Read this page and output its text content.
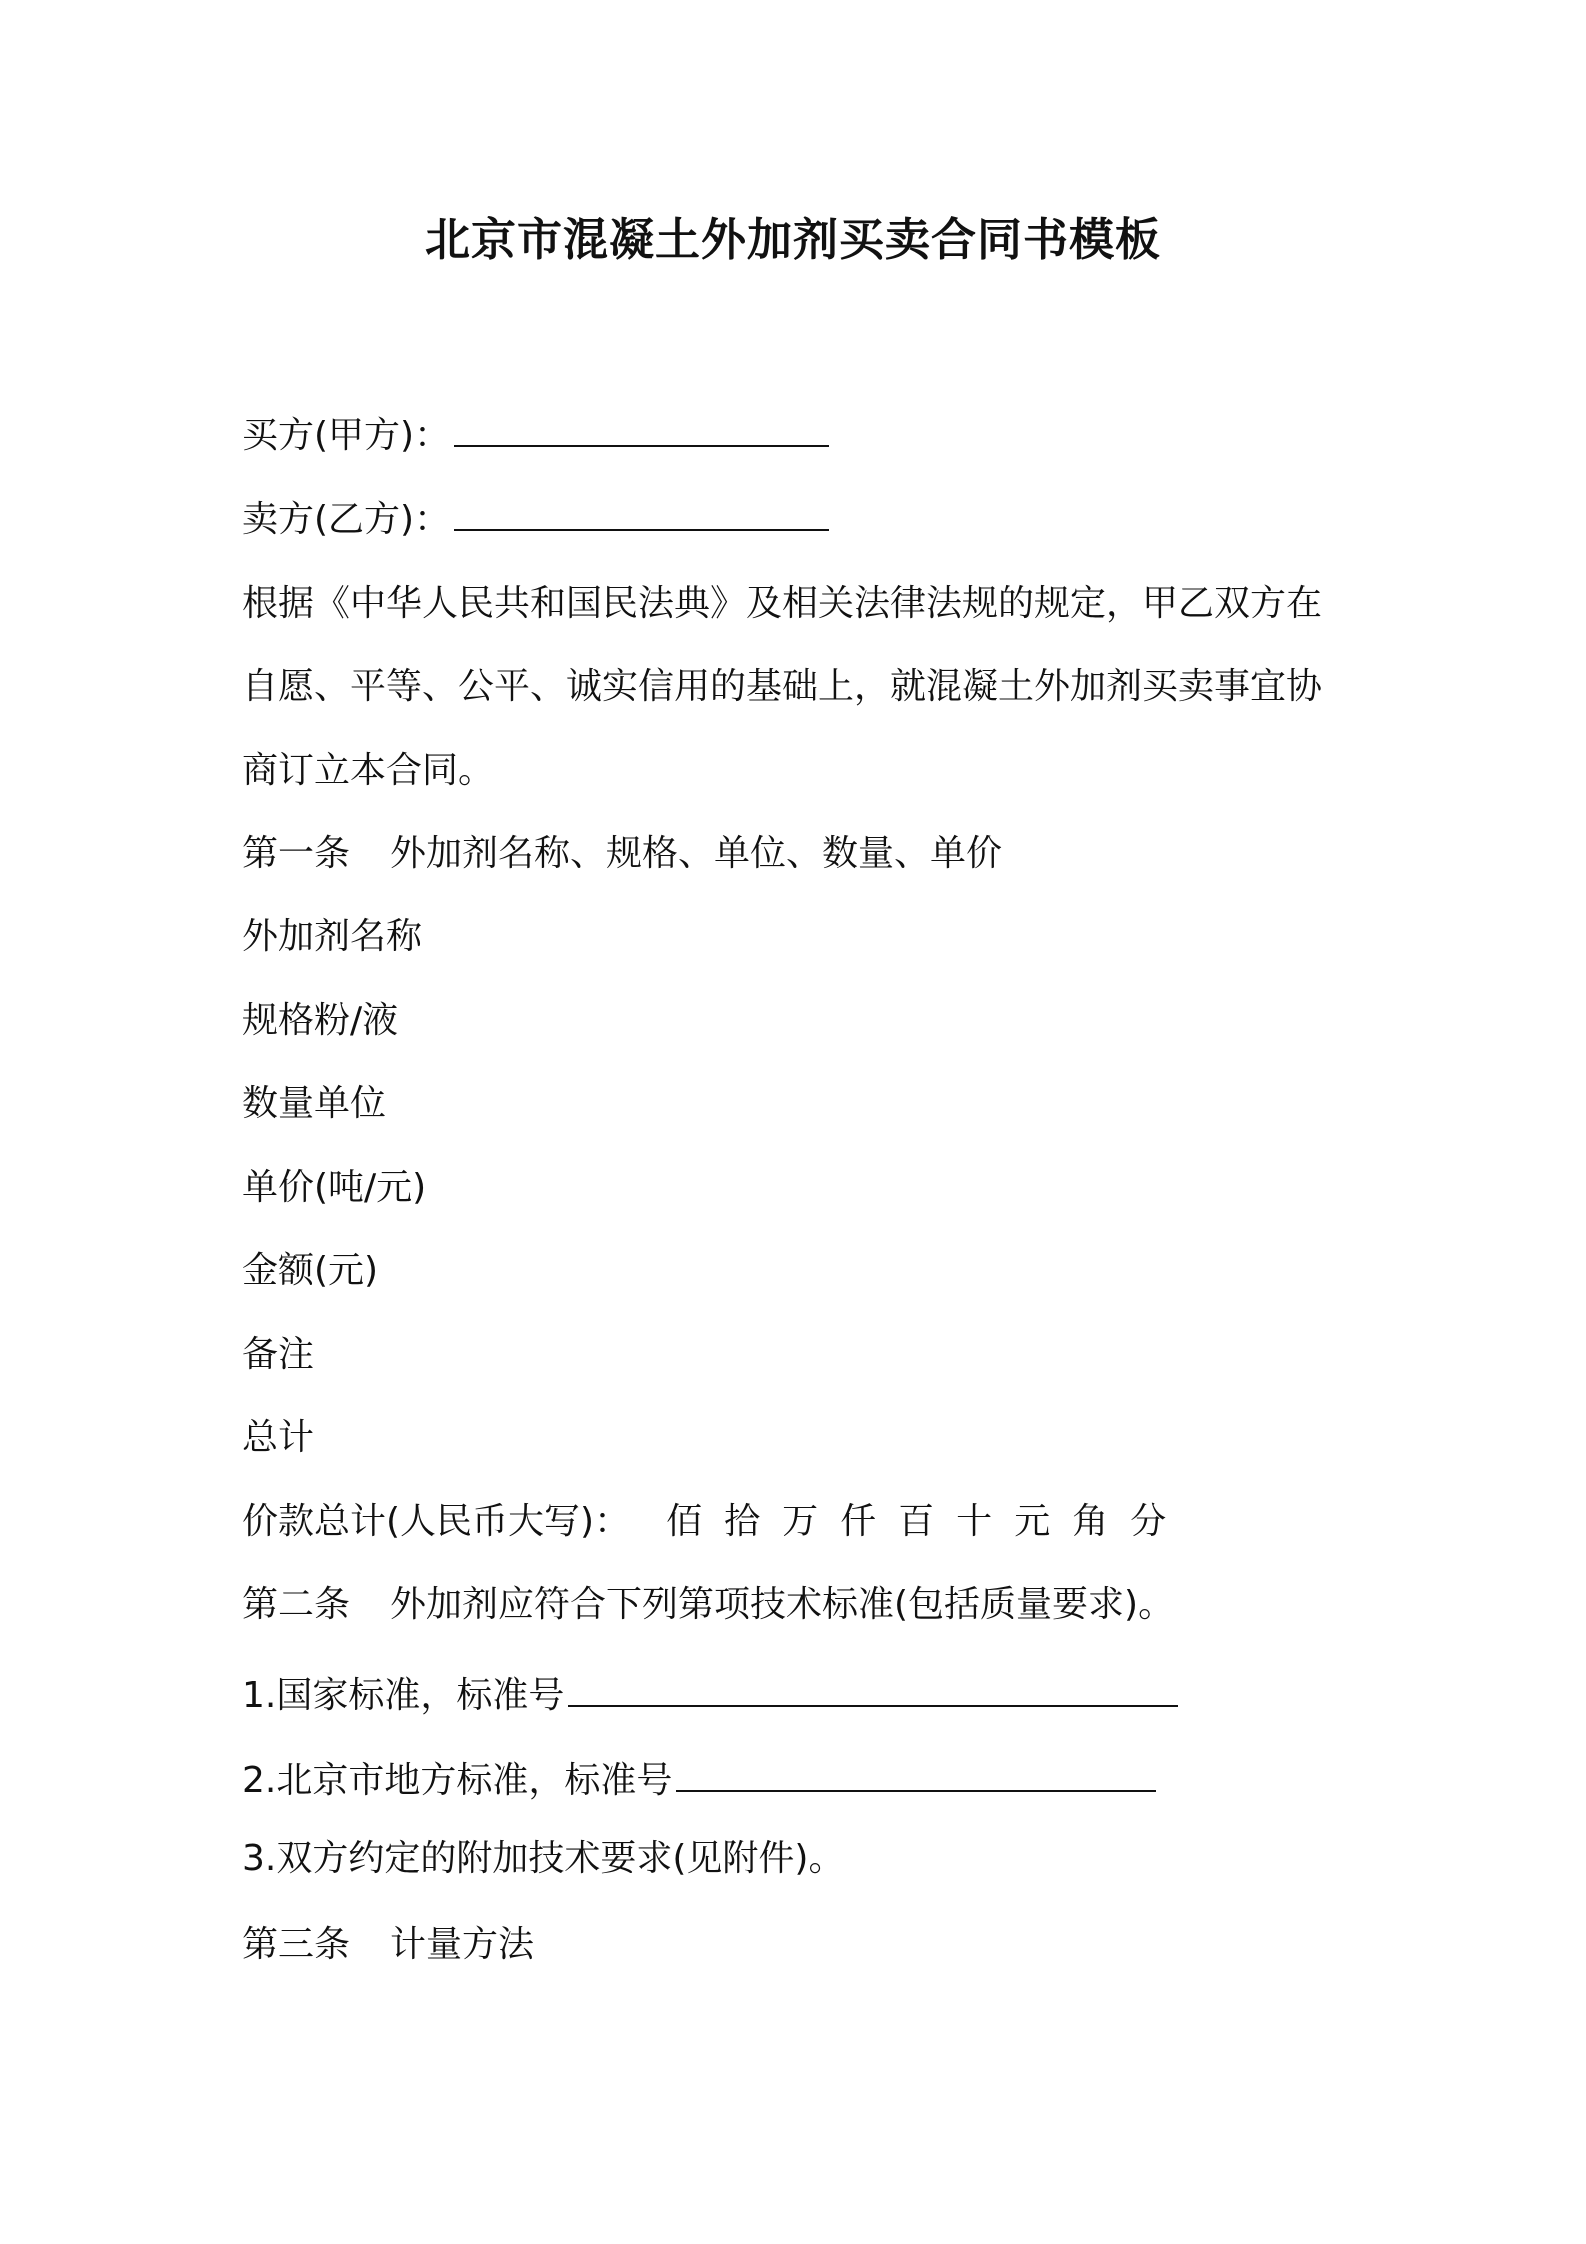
北京市混凝土外加剂买卖合同书模板
买方(甲方)：
卖方(乙方)：
根据《中华人民共和国民法典》及相关法律法规的规定，甲乙双方在
自愿、平等、公平、诚实信用的基础上，就混凝土外加剂买卖事宜协
商订立本合同。
第一条 外加剂名称、规格、单位、数量、单价
外加剂名称
规格粉/液
数量单位
单价(吨/元)
金额(元)
备注
总计
价款总计(人民币大写)： 佰 拾 万 仟 百 十 元 角 分
第二条 外加剂应符合下列第项技术标准(包括质量要求)。
1.国家标准，标准号
2.北京市地方标准，标准号
3.双方约定的附加技术要求(见附件)。
第三条 计量方法
